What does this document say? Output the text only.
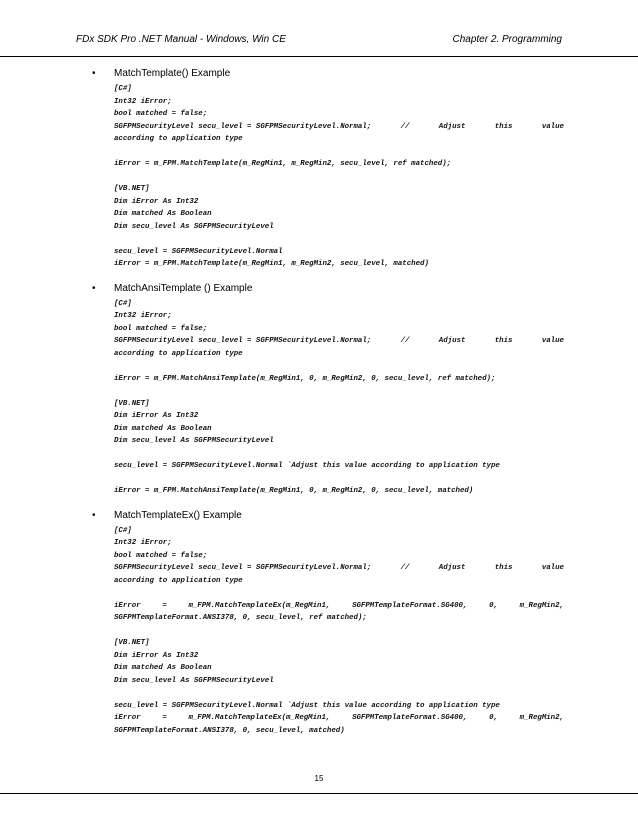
FDx SDK Pro .NET Manual - Windows, Win CE	Chapter 2. Programming
• MatchTemplate() Example
[C#]
Int32 iError;
bool matched = false;
SGFPMSecurityLevel secu_level = SGFPMSecurityLevel.Normal;	//	Adjust	this	value
according to application type
iError = m_FPM.MatchTemplate(m_RegMin1, m_RegMin2, secu_level, ref matched);
[VB.NET]
Dim iError As Int32
Dim matched As Boolean
Dim secu_level As SGFPMSecurityLevel
secu_level = SGFPMSecurityLevel.Normal
iError = m_FPM.MatchTemplate(m_RegMin1, m_RegMin2, secu_level, matched)
• MatchAnsiTemplate () Example
[C#]
Int32 iError;
bool matched = false;
SGFPMSecurityLevel secu_level = SGFPMSecurityLevel.Normal;	//	Adjust	this	value
according to application type
iError = m_FPM.MatchAnsiTemplate(m_RegMin1, 0, m_RegMin2, 0, secu_level, ref matched);
[VB.NET]
Dim iError As Int32
Dim matched As Boolean
Dim secu_level As SGFPMSecurityLevel
secu_level = SGFPMSecurityLevel.Normal `Adjust this value according to application type
iError = m_FPM.MatchAnsiTemplate(m_RegMin1, 0, m_RegMin2, 0, secu_level, matched)
• MatchTemplateEx() Example
[C#]
Int32 iError;
bool matched = false;
SGFPMSecurityLevel secu_level = SGFPMSecurityLevel.Normal;	//	Adjust	this	value
according to application type
iError	=	m_FPM.MatchTemplateEx(m_RegMin1,	SGFPMTemplateFormat.SG400,	0,	m_RegMin2,
SGFPMTemplateFormat.ANSI378, 0, secu_level, ref matched);
[VB.NET]
Dim iError As Int32
Dim matched As Boolean
Dim secu_level As SGFPMSecurityLevel
secu_level = SGFPMSecurityLevel.Normal `Adjust this value according to application type
iError	=	m_FPM.MatchTemplateEx(m_RegMin1,	SGFPMTemplateFormat.SG400,	0,	m_RegMin2,
SGFPMTemplateFormat.ANSI378, 0, secu_level, matched)
15
